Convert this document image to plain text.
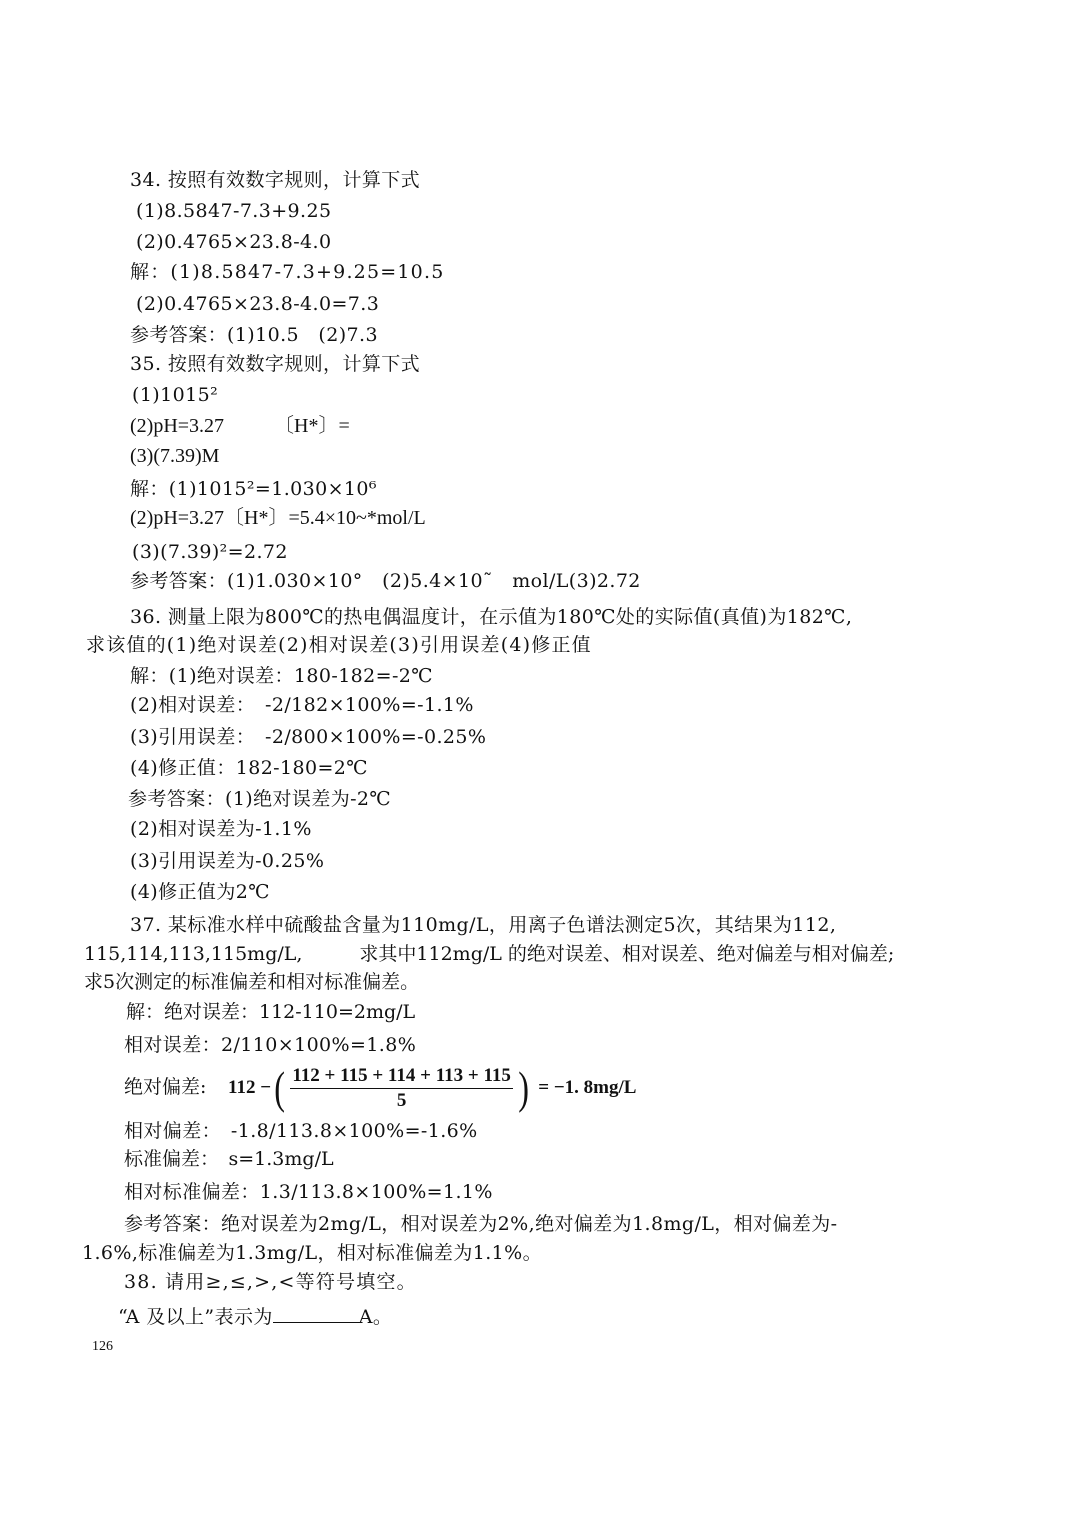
34. 按照有效数字规则，计算下式
(1)8.5847-7.3+9.25
(2)0.4765×23.8-4.0
解：(1)8.5847-7.3+9.25=10.5
(2)0.4765×23.8-4.0=7.3
参考答案：(1)10.5　(2)7.3
35. 按照有效数字规则，计算下式
(1)1015²
(2)pH=3.27　　　〔H*〕=
(3)(7.39)M
解：(1)1015²=1.030×10⁶
(2)pH=3.27〔H*〕=5.4×10~*mol/L
(3)(7.39)²=2.72
参考答案：(1)1.030×10°　(2)5.4×10˜　mol/L(3)2.72
36. 测量上限为800℃的热电偶温度计，在示值为180℃处的实际值(真值)为182℃,
求该值的(1)绝对误差(2)相对误差(3)引用误差(4)修正值
解：(1)绝对误差：180-182=-2℃
(2)相对误差：　-2/182×100%=-1.1%
(3)引用误差：　-2/800×100%=-0.25%
(4)修正值：182-180=2℃
参考答案：(1)绝对误差为-2℃
(2)相对误差为-1.1%
(3)引用误差为-0.25%
(4)修正值为2℃
37. 某标准水样中硫酸盐含量为110mg/L，用离子色谱法测定5次，其结果为112,
115,114,113,115mg/L,　　　求其中112mg/L 的绝对误差、相对误差、绝对偏差与相对偏差;
求5次测定的标准偏差和相对标准偏差。
解：绝对误差：112-110=2mg/L
相对误差：2/110×100%=1.8%
绝对偏差: 112 − ( $\frac{112 + 115 + 114 + 113 + 115}{5}$ ) = −1. 8mg/L
相对偏差：　-1.8/113.8×100%=-1.6%
标准偏差：　s=1.3mg/L
相对标准偏差：1.3/113.8×100%=1.1%
参考答案：绝对误差为2mg/L，相对误差为2%,绝对偏差为1.8mg/L，相对偏差为-
1.6%,标准偏差为1.3mg/L，相对标准偏差为1.1%。
38. 请用≥,≤,>,<等符号填空。
“A 及以上”表示为	A。
126
